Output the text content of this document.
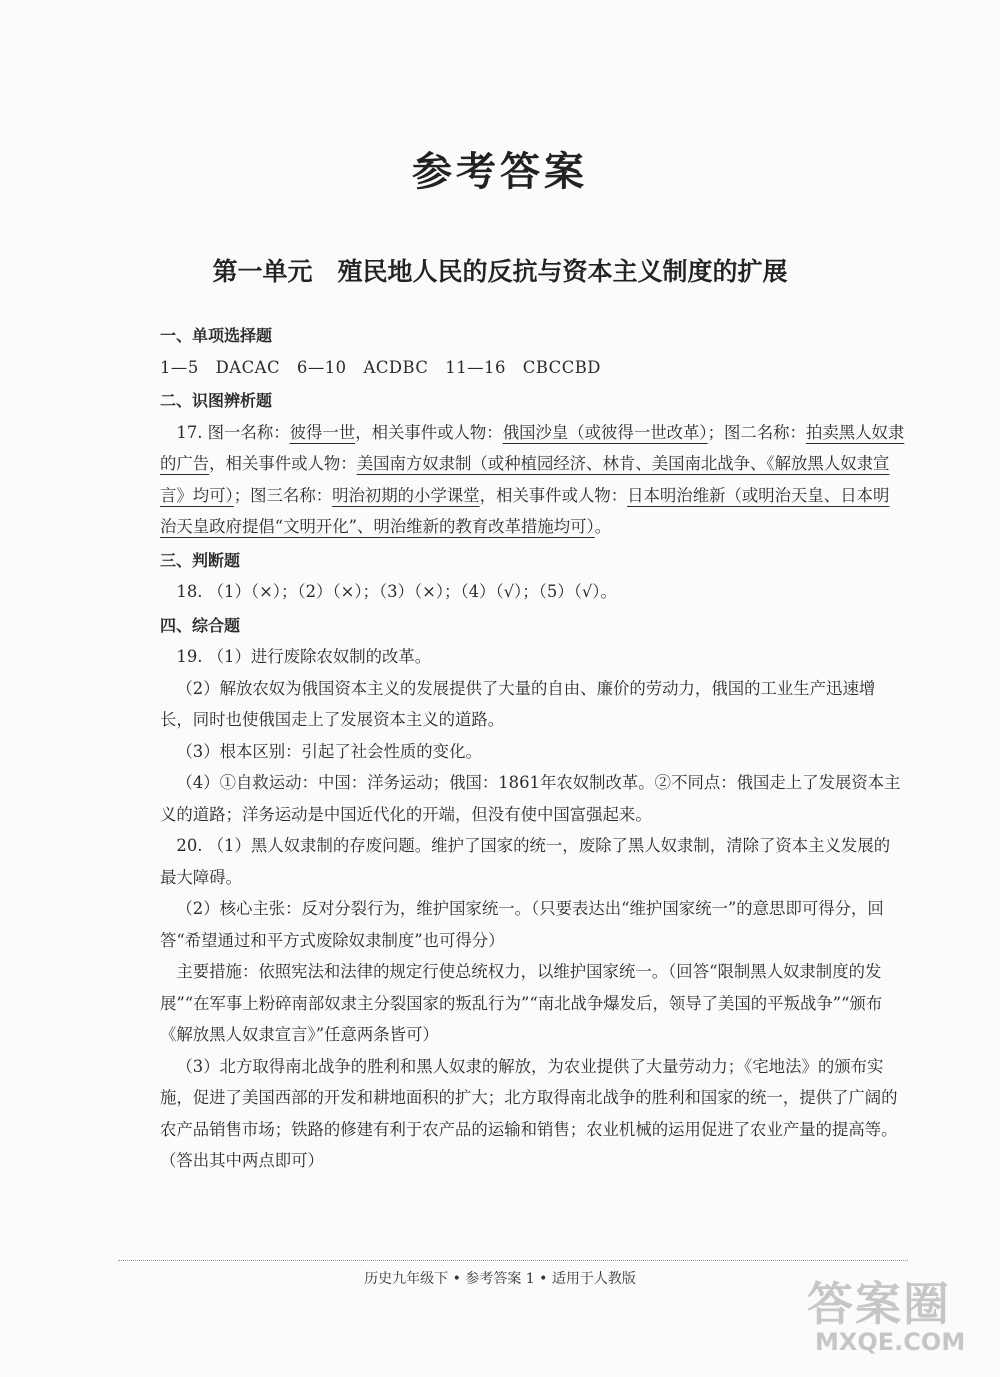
参考答案
第一单元　殖民地人民的反抗与资本主义制度的扩展
一、单项选择题
1—5　DACAC　6—10　ACDBC　11—16　CBCCBD
二、识图辨析题
17. 图一名称：彼得一世，相关事件或人物：俄国沙皇（或彼得一世改革）；图二名称：拍卖黑人奴隶的广告，相关事件或人物：美国南方奴隶制（或种植园经济、林肯、美国南北战争、《解放黑人奴隶宣言》均可）；图三名称：明治初期的小学课堂，相关事件或人物：日本明治维新（或明治天皇、日本明治天皇政府提倡“文明开化”、明治维新的教育改革措施均可）。
三、判断题
18. （1）（×）；（2）（×）；（3）（×）；（4）（√）；（5）（√）。
四、综合题
19. （1）进行废除农奴制的改革。
（2）解放农奴为俄国资本主义的发展提供了大量的自由、廉价的劳动力，俄国的工业生产迅速增长，同时也使俄国走上了发展资本主义的道路。
（3）根本区别：引起了社会性质的变化。
（4）①自救运动：中国：洋务运动；俄国：1861年农奴制改革。②不同点：俄国走上了发展资本主义的道路；洋务运动是中国近代化的开端，但没有使中国富强起来。
20. （1）黑人奴隶制的存废问题。维护了国家的统一，废除了黑人奴隶制，清除了资本主义发展的最大障碍。
（2）核心主张：反对分裂行为，维护国家统一。（只要表达出“维护国家统一”的意思即可得分，回答“希望通过和平方式废除奴隶制度”也可得分）
主要措施：依照宪法和法律的规定行使总统权力，以维护国家统一。（回答“限制黑人奴隶制度的发展”“在军事上粉碎南部奴隶主分裂国家的叛乱行为”“南北战争爆发后，领导了美国的平叛战争”“颁布《解放黑人奴隶宣言》”任意两条皆可）
（3）北方取得南北战争的胜利和黑人奴隶的解放，为农业提供了大量劳动力；《宅地法》的颁布实施，促进了美国西部的开发和耕地面积的扩大；北方取得南北战争的胜利和国家的统一，提供了广阔的农产品销售市场；铁路的修建有利于农产品的运输和销售；农业机械的运用促进了农业产量的提高等。（答出其中两点即可）
历史九年级下 • 参考答案 1 • 适用于人教版	答案圈
MXQE.COM
